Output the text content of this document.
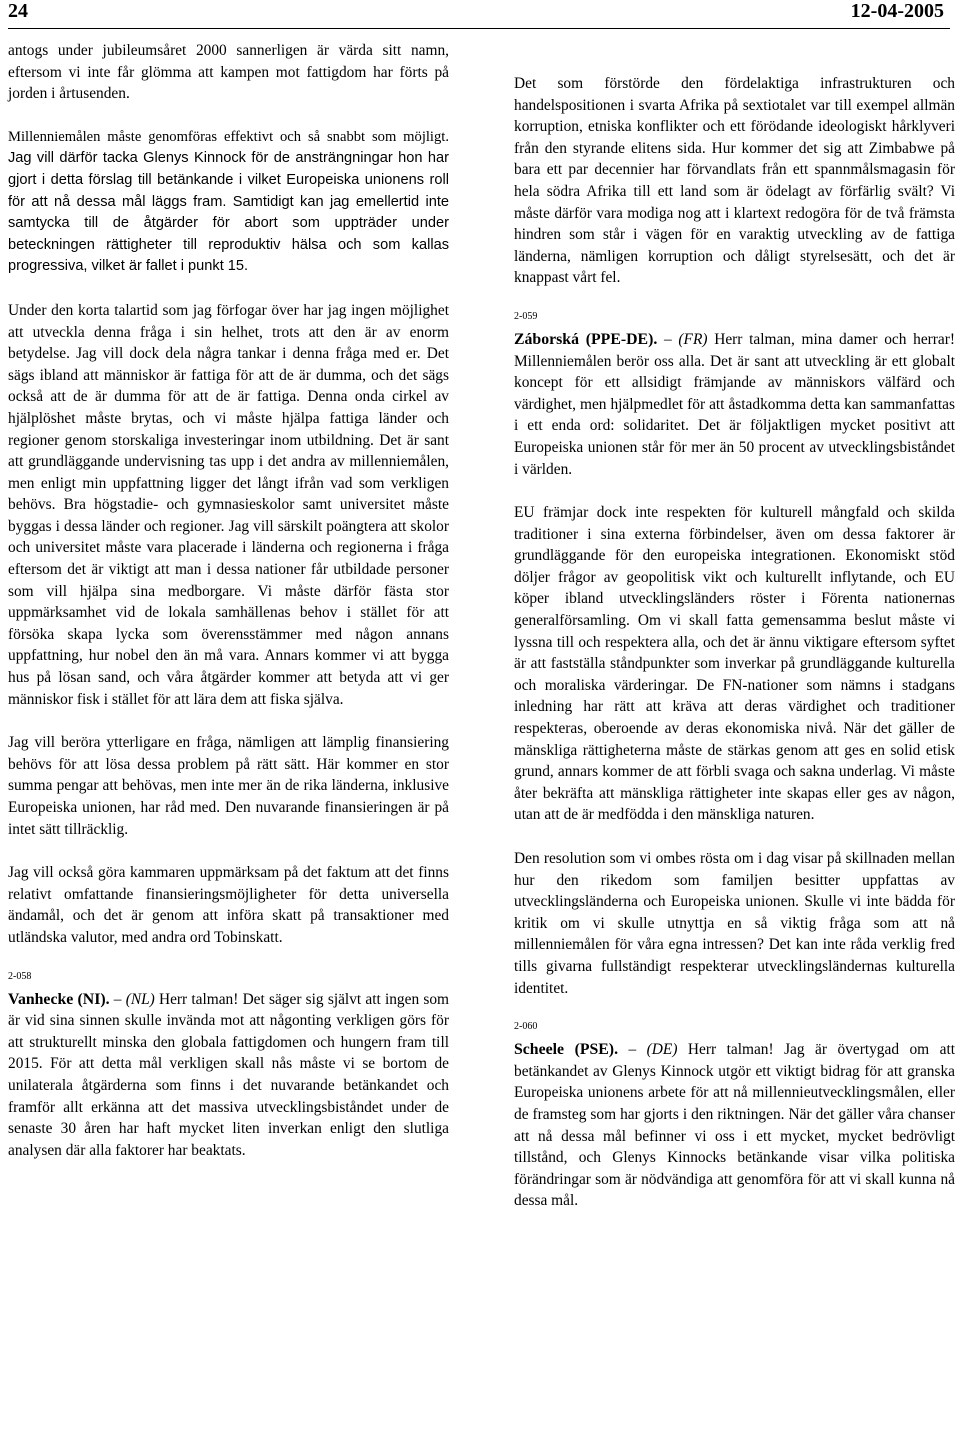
24	12-04-2005

antogs under jubileumsåret 2000 sannerligen är värda sitt namn, eftersom vi inte får glömma att kampen mot fattigdom har förts på jorden i årtusenden.

Millenniemålen måste genomföras effektivt och så snabbt som möjligt. Jag vill därför tacka Glenys Kinnock för de ansträngningar hon har gjort i detta förslag till betänkande i vilket Europeiska unionens roll för att nå dessa mål läggs fram. Samtidigt kan jag emellertid inte samtycka till de åtgärder för abort som uppträder under beteckningen rättigheter till reproduktiv hälsa och som kallas progressiva, vilket är fallet i punkt 15.

Under den korta talartid som jag förfogar över har jag ingen möjlighet att utveckla denna fråga i sin helhet, trots att den är av enorm betydelse. Jag vill dock dela några tankar i denna fråga med er. Det sägs ibland att människor är fattiga för att de är dumma, och det sägs också att de är dumma för att de är fattiga. Denna onda cirkel av hjälplöshet måste brytas, och vi måste hjälpa fattiga länder och regioner genom storskaliga investeringar inom utbildning. Det är sant att grundläggande undervisning tas upp i det andra av millenniemålen, men enligt min uppfattning ligger det långt ifrån vad som verkligen behövs. Bra högstadie- och gymnasieskolor samt universitet måste byggas i dessa länder och regioner. Jag vill särskilt poängtera att skolor och universitet måste vara placerade i länderna och regionerna i fråga eftersom det är viktigt att man i dessa nationer får utbildade personer som vill hjälpa sina medborgare. Vi måste därför fästa stor uppmärksamhet vid de lokala samhällenas behov i stället för att försöka skapa lycka som överensstämmer med någon annans uppfattning, hur nobel den än må vara. Annars kommer vi att bygga hus på lösan sand, och våra åtgärder kommer att betyda att vi ger människor fisk i stället för att lära dem att fiska själva.

Jag vill beröra ytterligare en fråga, nämligen att lämplig finansiering behövs för att lösa dessa problem på rätt sätt. Här kommer en stor summa pengar att behövas, men inte mer än de rika länderna, inklusive Europeiska unionen, har råd med. Den nuvarande finansieringen är på intet sätt tillräcklig.

Jag vill också göra kammaren uppmärksam på det faktum att det finns relativt omfattande finansieringsmöjligheter för detta universella ändamål, och det är genom att införa skatt på transaktioner med utländska valutor, med andra ord Tobinskatt.

2-058

Vanhecke (NI). – (NL) Herr talman! Det säger sig självt att ingen som är vid sina sinnen skulle invända mot att någonting verkligen görs för att strukturellt minska den globala fattigdomen och hungern fram till 2015. För att detta mål verkligen skall nås måste vi se bortom de unilaterala åtgärderna som finns i det nuvarande betänkandet och framför allt erkänna att det massiva utvecklingsbiståndet under de senaste 30 åren har haft mycket liten inverkan enligt den slutliga analysen där alla faktorer har beaktats.

Det som förstörde den fördelaktiga infrastrukturen och handelspositionen i svarta Afrika på sextiotalet var till exempel allmän korruption, etniska konflikter och ett förödande ideologiskt hårklyveri från den styrande elitens sida. Hur kommer det sig att Zimbabwe på bara ett par decennier har förvandlats från ett spannmålsmagasin för hela södra Afrika till ett land som är ödelagt av förfärlig svält? Vi måste därför vara modiga nog att i klartext redogöra för de två främsta hindren som står i vägen för en varaktig utveckling av de fattiga länderna, nämligen korruption och dåligt styrelsesätt, och det är knappast vårt fel.

2-059

Záborská (PPE-DE). – (FR) Herr talman, mina damer och herrar! Millenniemålen berör oss alla. Det är sant att utveckling är ett globalt koncept för ett allsidigt främjande av människors välfärd och värdighet, men hjälpmedlet för att åstadkomma detta kan sammanfattas i ett enda ord: solidaritet. Det är följaktligen mycket positivt att Europeiska unionen står för mer än 50 procent av utvecklingsbiståndet i världen.

EU främjar dock inte respekten för kulturell mångfald och skilda traditioner i sina externa förbindelser, även om dessa faktorer är grundläggande för den europeiska integrationen. Ekonomiskt stöd döljer frågor av geopolitisk vikt och kulturellt inflytande, och EU köper ibland utvecklingsländers röster i Förenta nationernas generalförsamling. Om vi skall fatta gemensamma beslut måste vi lyssna till och respektera alla, och det är ännu viktigare eftersom syftet är att fastställa ståndpunkter som inverkar på grundläggande kulturella och moraliska värderingar. De FN-nationer som nämns i stadgans inledning har rätt att kräva att deras värdighet och traditioner respekteras, oberoende av deras ekonomiska nivå. När det gäller de mänskliga rättigheterna måste de stärkas genom att ges en solid etisk grund, annars kommer de att förbli svaga och sakna underlag. Vi måste åter bekräfta att mänskliga rättigheter inte skapas eller ges av någon, utan att de är medfödda i den mänskliga naturen.

Den resolution som vi ombes rösta om i dag visar på skillnaden mellan hur den rikedom som familjen besitter uppfattas av utvecklingsländerna och Europeiska unionen. Skulle vi inte bädda för kritik om vi skulle utnyttja en så viktig fråga som att nå millenniemålen för våra egna intressen? Det kan inte råda verklig fred tills givarna fullständigt respekterar utvecklingsländernas kulturella identitet.

2-060

Scheele (PSE). – (DE) Herr talman! Jag är övertygad om att betänkandet av Glenys Kinnock utgör ett viktigt bidrag för att granska Europeiska unionens arbete för att nå millennieutvecklingsmålen, eller de framsteg som har gjorts i den riktningen. När det gäller våra chanser att nå dessa mål befinner vi oss i ett mycket, mycket bedrövligt tillstånd, och Glenys Kinnocks betänkande visar vilka politiska förändringar som är nödvändiga att genomföra för att vi skall kunna nå dessa mål.
